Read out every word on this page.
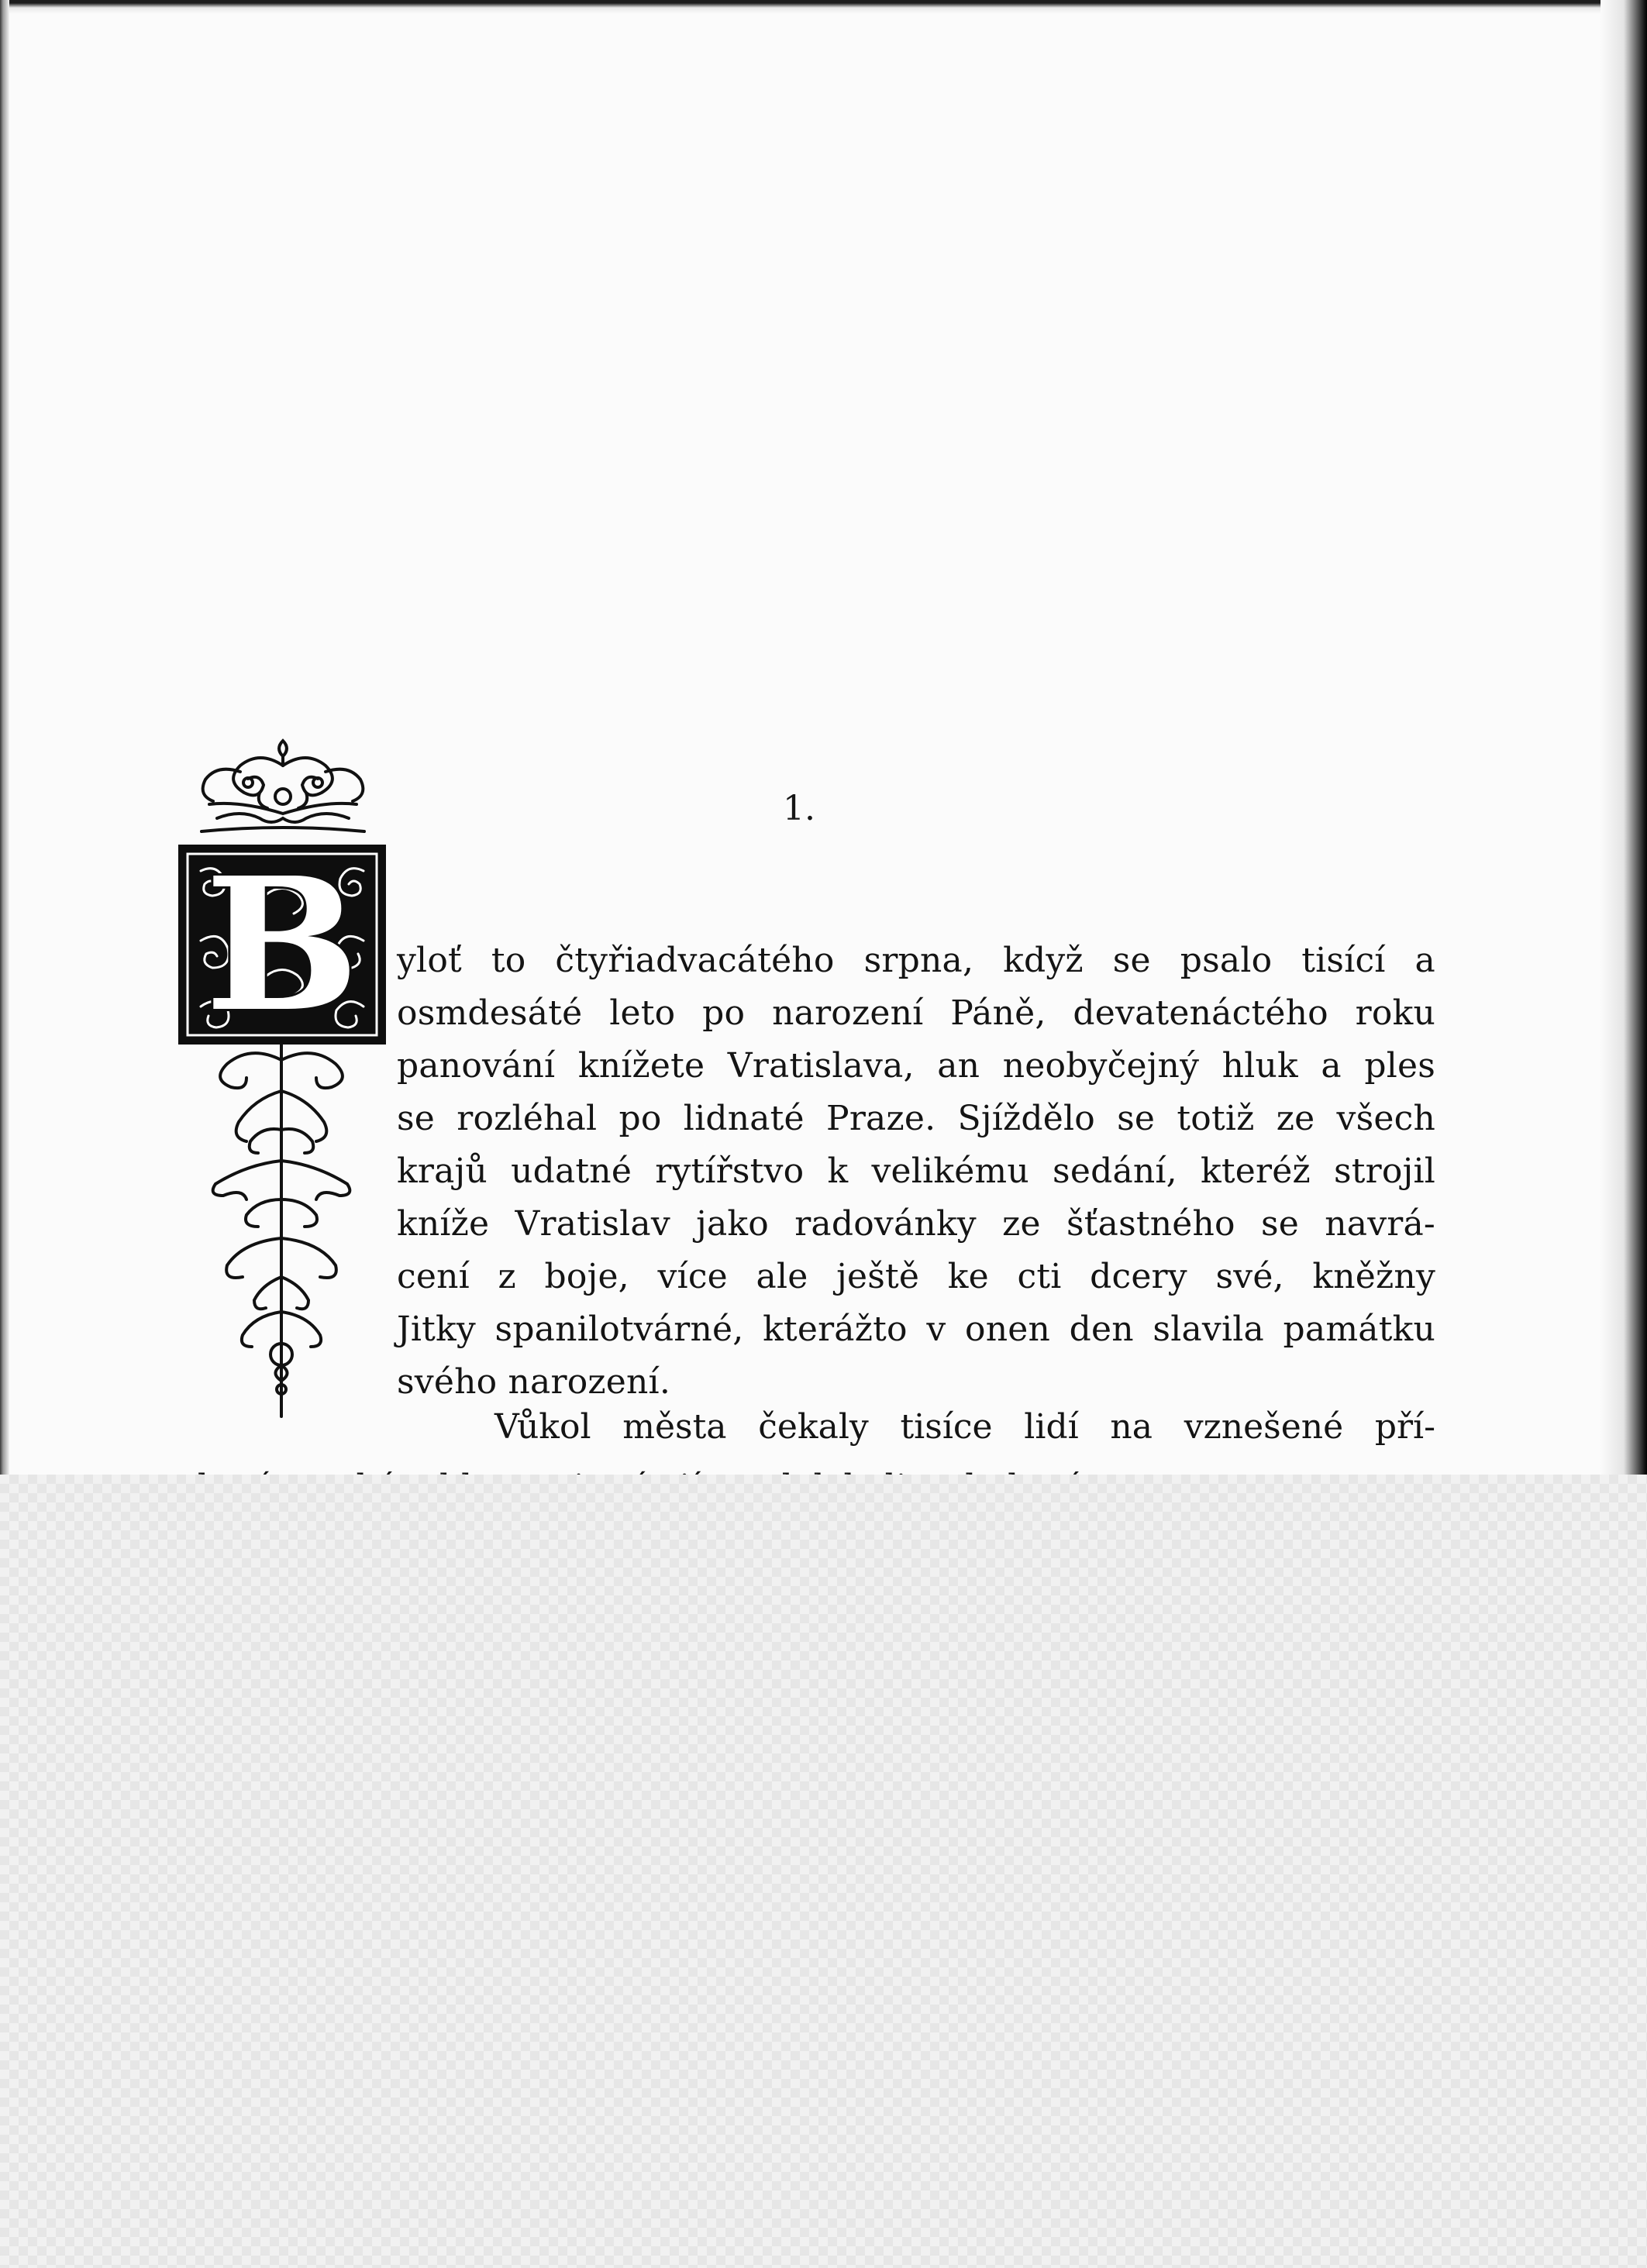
1.
B	yloť to čtyřiadvacátého srpna, když se psalo tisící a
osmdesáté leto po narození Páně, devatenáctého roku
panování knížete Vratislava, an neobyčejný hluk a ples
se rozléhal po lidnaté Praze. Sjíždělo se totiž ze všech
krajů udatné rytířstvo k velikému sedání, kteréž strojil
kníže Vratislav jako radovánky ze šťastného se navrá-
cení z boje, více ale ještě ke cti dcery své, kněžny
Jitky spanilotvárné, kterážto v onen den slavila památku
svého narození.
Vůkol města čekaly tisíce lidí na vznešené pří-
